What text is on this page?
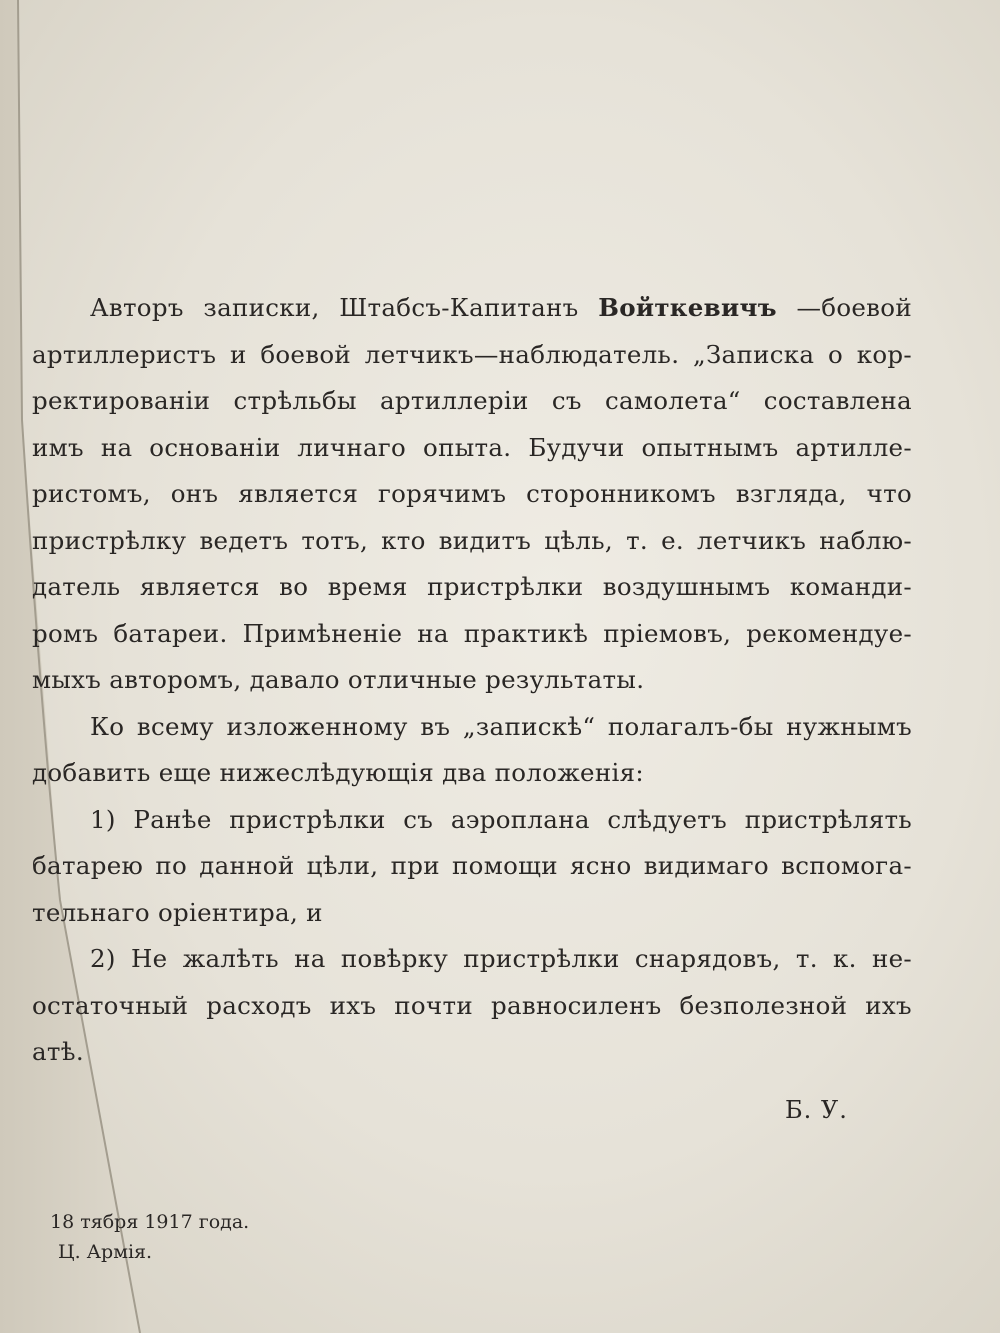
Авторъ записки, Штабсъ-Капитанъ Войткевичъ —боевой
артиллеристъ и боевой летчикъ—наблюдатель. „Записка о кор-
ректированіи стрѣльбы артиллеріи съ самолета“ составлена
имъ на основаніи личнаго опыта. Будучи опытнымъ артилле-
ристомъ, онъ является горячимъ сторонникомъ взгляда, что
пристрѣлку ведетъ тотъ, кто видитъ цѣль, т. е. летчикъ наблю-
датель является во время пристрѣлки воздушнымъ команди-
ромъ батареи. Примѣненіе на практикѣ пріемовъ, рекомендуе-
мыхъ авторомъ, давало отличные результаты.
Ко всему изложенному въ „запискѣ“ полагалъ-бы нужнымъ
добавить еще нижеслѣдующія два положенія:
1) Ранѣе пристрѣлки съ аэроплана слѣдуетъ пристрѣлять
батарею по данной цѣли, при помощи ясно видимаго вспомога-
тельнаго оріентира, и
2) Не жалѣть на повѣрку пристрѣлки снарядовъ, т. к. не-
остаточный расходъ ихъ почти равносиленъ безполезной ихъ
атѣ.
Б. У.
18 тября 1917 года.
Ц. Армія.
